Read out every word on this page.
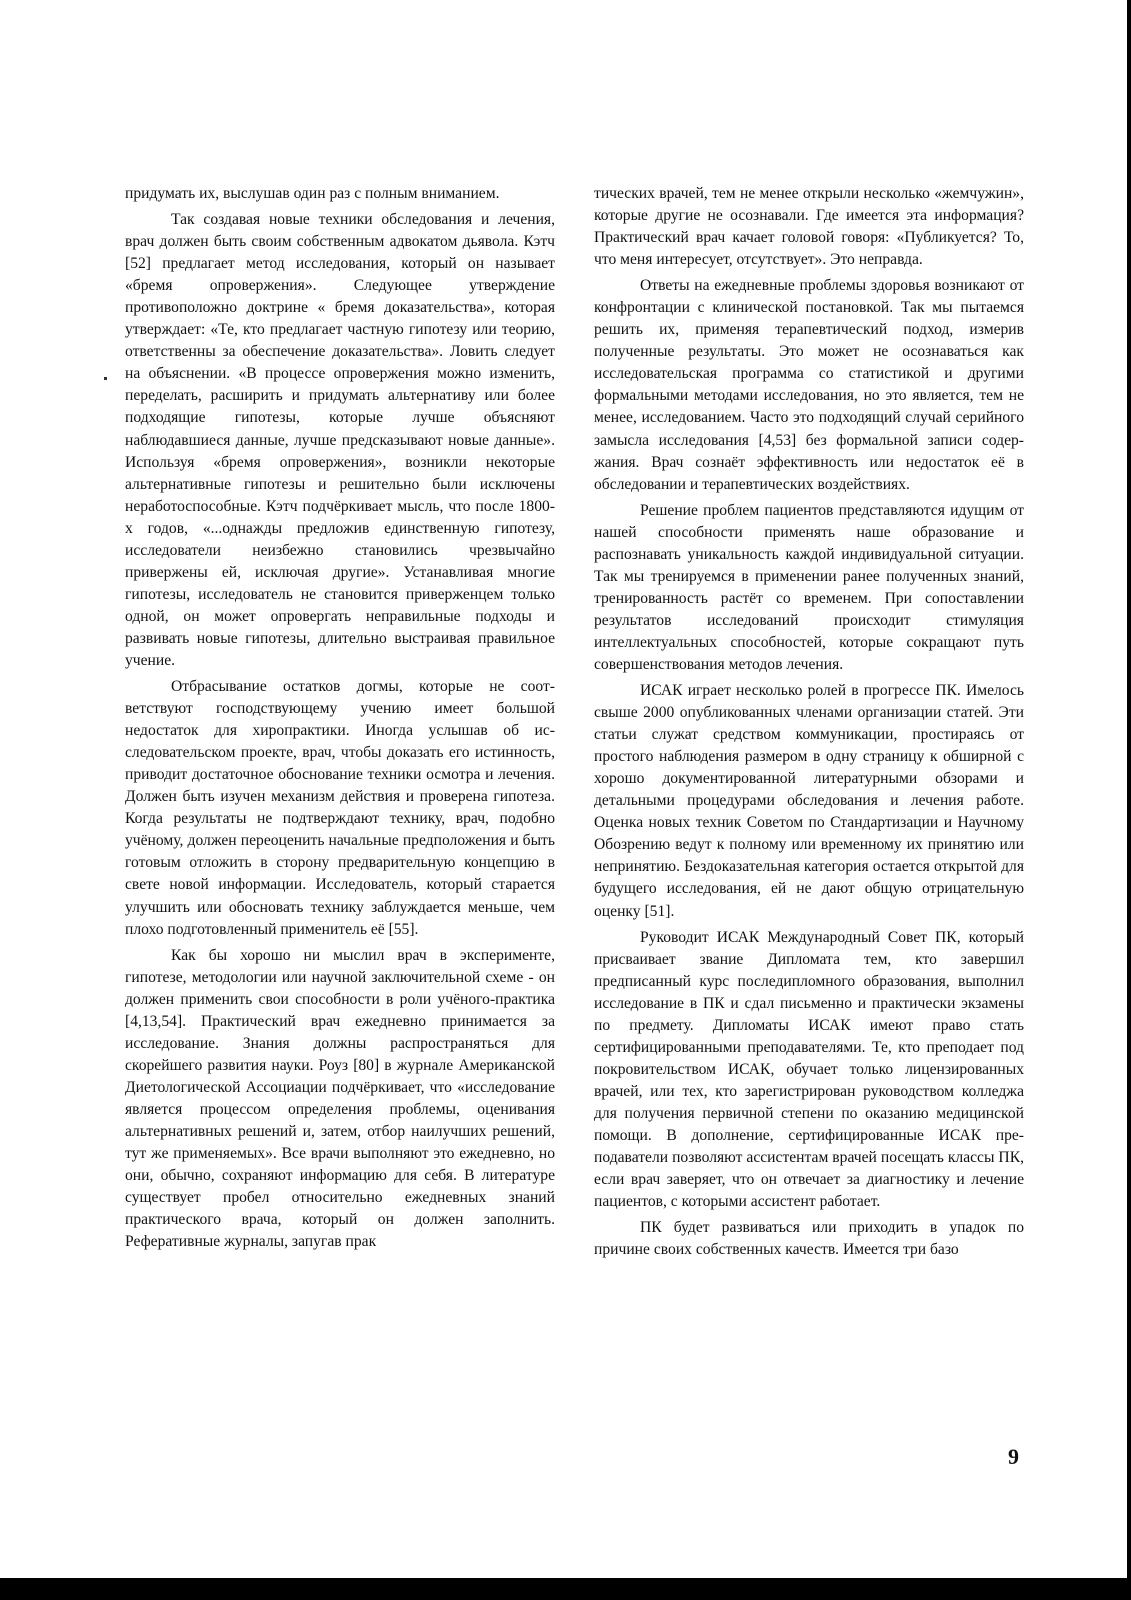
придумать их, выслушав один раз с полным вниманием.

Так создавая новые техники обследования и лечения, врач должен быть своим собственным адвокатом дьявола. Кэтч [52] предлагает метод исследования, который он называет «бремя опровержения». Следующее утверждение противоположно доктрине « бремя доказательства», которая утверждает: «Те, кто предлагает частную гипотезу или теорию, ответственны за обеспечение доказательства». Ловить следует на объяснении. «В процессе опровержения можно изменить, переделать, расширить и придумать альтернативу или более подходящие гипотезы, которые лучше объясняют наблюдавшиеся данные, лучше предсказывают новые данные». Используя «бремя опровержения», возникли некоторые альтернативные гипотезы и решительно были исключены неработоспособные. Кэтч подчёркивает мысль, что после 1800-х годов, «...однажды предложив единственную гипотезу, исследователи неизбежно становились чрезвычайно привержены ей, исключая другие». Устанавливая многие гипотезы, исследователь не становится приверженцем только одной, он может опровергать неправильные подходы и развивать новые гипотезы, длительно выстраивая правильное учение.

Отбрасывание остатков догмы, которые не соответствуют господствующему учению имеет большой недостаток для хиропрактики. Иногда услышав об исследовательском проекте, врач, чтобы доказать его истинность, приводит достаточное обоснование техники осмотра и лечения. Должен быть изучен механизм действия и проверена гипотеза. Когда результаты не подтверждают технику, врач, подобно учёному, должен переоценить начальные предположения и быть готовым отложить в сторону предварительную концепцию в свете новой информации. Исследователь, который старается улучшить или обосновать технику заблуждается меньше, чем плохо подготовленный применитель её [55].

Как бы хорошо ни мыслил врач в эксперименте, гипотезе, методологии или научной заключительной схеме - он должен применить свои способности в роли учёного-практика [4,13,54]. Практический врач ежедневно принимается за исследование. Знания должны распространяться для скорейшего развития науки. Роуз [80] в журнале Американской Диетологической Ассоциации подчёркивает, что «исследование является процессом определения проблемы, оценивания альтернативных решений и, затем, отбор наилучших решений, тут же применяемых». Все врачи выполняют это ежедневно, но они, обычно, сохраняют информацию для себя. В литературе существует пробел относительно ежедневных знаний практического врача, который он должен заполнить. Реферативные журналы, запугав прак

тических врачей, тем не менее открыли несколько «жемчужин», которые другие не осознавали. Где имеется эта информация? Практический врач качает головой говоря: «Публикуется? То, что меня интересует, отсутствует». Это неправда.

Ответы на ежедневные проблемы здоровья возникают от конфронтации с клинической постановкой. Так мы пытаемся решить их, применяя терапевтический подход, измерив полученные результаты. Это может не осознаваться как исследовательская программа со статистикой и другими формальными методами исследования, но это является, тем не менее, исследованием. Часто это подходящий случай серийного замысла исследования [4,53] без формальной записи содержания. Врач сознаёт эффективность или недостаток её в обследовании и терапевтических воздействиях.

Решение проблем пациентов представляются идущим от нашей способности применять наше образование и распознавать уникальность каждой индивидуальной ситуации. Так мы тренируемся в применении ранее полученных знаний, тренированность растёт со временем. При сопоставлении результатов исследований происходит стимуляция интеллектуальных способностей, которые сокращают путь совершенствования методов лечения.

ИСАК играет несколько ролей в прогрессе ПК. Имелось свыше 2000 опубликованных членами организации статей. Эти статьи служат средством коммуникации, простираясь от простого наблюдения размером в одну страницу к обширной с хорошо документированной литературными обзорами и детальными процедурами обследования и лечения работе. Оценка новых техник Советом по Стандартизации и Научному Обозрению ведут к полному или временному их принятию или непринятию. Бездоказательная категория остается открытой для будущего исследования, ей не дают общую отрицательную оценку [51].

Руководит ИСАК Международный Совет ПК, который присваивает звание Дипломата тем, кто завершил предписанный курс последипломного образования, выполнил исследование в ПК и сдал письменно и практически экзамены по предмету. Дипломаты ИСАК имеют право стать сертифицированными преподавателями. Те, кто преподает под покровительством ИСАК, обучает только лицензированных врачей, или тех, кто зарегистрирован руководством колледжа для получения первичной степени по оказанию медицинской помощи. В дополнение, сертифицированные ИСАК преподаватели позволяют ассистентам врачей посещать классы ПК, если врач заверяет, что он отвечает за диагностику и лечение пациентов, с которыми ассистент работает.

ПК будет развиваться или приходить в упадок по причине своих собственных качеств. Имеется три базо

9
